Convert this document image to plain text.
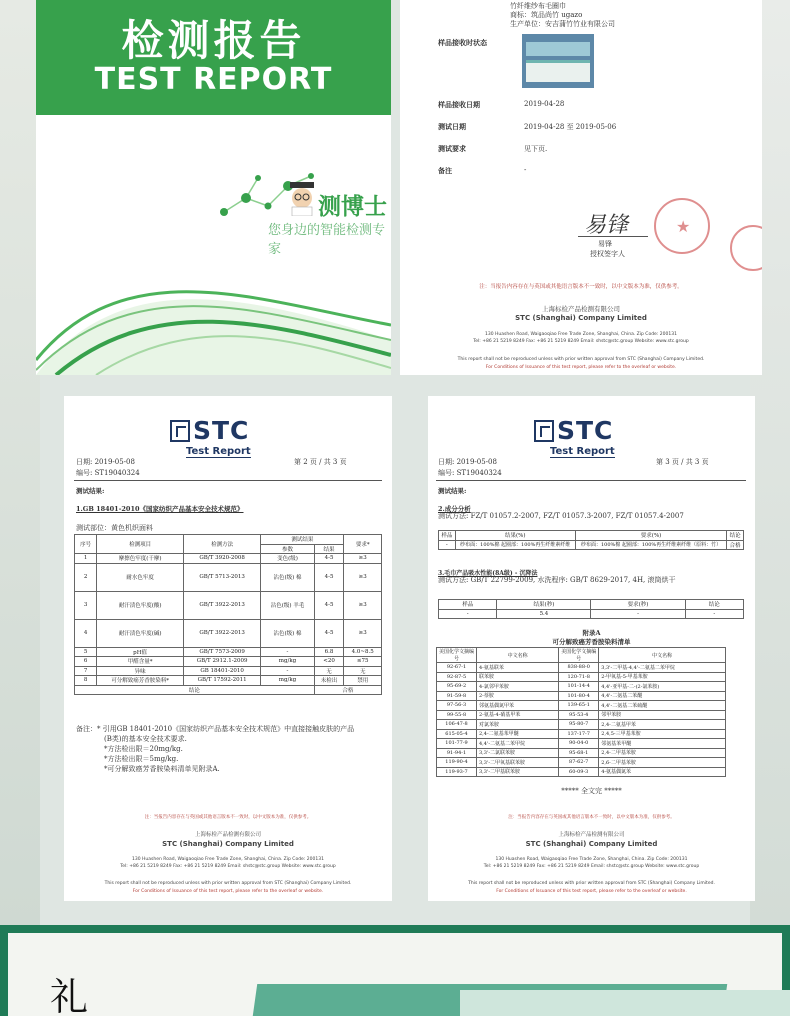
检测报告
TEST REPORT
测博士
您身边的智能检测专家
竹纤维纱布毛圈巾
商标：筑品尚竹 ugazo
生产单位：安吉蒲竹竹业有限公司
样品接收时状态
样品接收日期	2019-04-28
测试日期	2019-04-28 至 2019-05-06
测试要求	见下页.
备注	-
易锋
易锋
授权签字人
★
注：当报告内容存在与英国或其他语言版本不一致时，以中文版本为准，仅供参考。
上海标检产品检测有限公司
STC (Shanghai) Company Limited
130 Huashen Road, Waigaoqiao Free Trade Zone, Shanghai, China. Zip Code: 200131
Tel: +86 21 5219 8249 Fax: +86 21 5219 8249 Email: shstc@stc.group Website: www.stc.group
This report shall not be reproduced unless with prior written approval from STC (Shanghai) Company Limited.
For Conditions of Issuance of this test report, please refer to the overleaf or website.
STC
Test Report
日期: 2019-05-08	第 2 页 / 共 3 页
编号: ST19040324
测试结果:
1.GB 18401-2010《国家纺织产品基本安全技术规范》
测试部位：黄色机织面料
序号	检测项目	检测方法	测试结果		要求*
			参数	结果	
1	摩擦色牢度(干摩)	GB/T 3920-2008	变色(级)	4-5	≥3
2	耐水色牢度	GB/T 5713-2013	沾色(级) 棉	4-5	≥3
3	耐汗渍色牢度(酸)	GB/T 3922-2013	沾色(级) 羊毛	4-5	≥3
4	耐汗渍色牢度(碱)	GB/T 3922-2013	沾色(级) 棉	4-5	≥3
5	pH值	GB/T 7573-2009	-	6.8	4.0~8.5
6	甲醛含量*	GB/T 2912.1-2009	mg/kg	<20	≤75
7	异味	GB 18401-2010	-	无	无
8	可分解致癌芳香胺染料*	GB/T 17592-2011	mg/kg	未检出	禁用
结论				合格	
备注：* 引用GB 18401-2010《国家纺织产品基本安全技术规范》中直接接触皮肤的产品
(B类)的基本安全技术要求.
*方法检出限＝20mg/kg.
*方法检出限＝5mg/kg.
*可分解致癌芳香胺染料清单见附录A.
注：当报告内容存在与英国或其他语言版本不一致时，以中文版本为准，仅供参考。
上海标检产品检测有限公司
STC (Shanghai) Company Limited
130 Huashen Road, Waigaoqiao Free Trade Zone, Shanghai, China. Zip Code: 200131
Tel: +86 21 5219 8249 Fax: +86 21 5219 8249 Email: shstc@stc.group Website: www.stc.group
This report shall not be reproduced unless with prior written approval from STC (Shanghai) Company Limited.
For Conditions of Issuance of this test report, please refer to the overleaf or website.
STC
Test Report
日期: 2019-05-08	第 3 页 / 共 3 页
编号: ST19040324
测试结果:
2.成分分析
测试方法: FZ/T 01057.2-2007, FZ/T 01057.3-2007, FZ/T 01057.4-2007
样品	结果(%)	要求(%)	结论
-	纱布面：100%棉 起圈部：100%再生纤维素纤维	纱布面：100%棉 起圈部：100%再生纤维素纤维（原料：竹）	合格
3.毛巾产品吸水性能(8A级) - 沉降法
测试方法: GB/T 22799-2009, 水洗程序: GB/T 8629-2017, 4H, 滚筒烘干
样品	结果(秒)	要求(秒)	结论
-	5.4	-	-
附录A
可分解致癌芳香胺染料清单
美国化学文摘编号	中文名称	美国化学文摘编号	中文名称
92-67-1	4-氨基联苯	838-88-0	3,3'-二甲基-4,4'-二氨基二苯甲烷
92-87-5	联苯胺	120-71-8	2-甲氧基-5-甲基苯胺
95-69-2	4-氯邻甲苯胺	101-14-4	4,4'-亚甲基-二-(2-氯苯胺)
91-59-8	2-萘胺	101-80-4	4,4'-二氨基二苯醚
97-56-3	邻氨基偶氮甲苯	139-65-1	4,4'-二氨基二苯硫醚
99-55-8	2-氨基-4-硝基甲苯	95-53-4	邻甲苯胺
106-47-8	对氯苯胺	95-80-7	2,4-二氨基甲苯
615-05-4	2,4-二氨基苯甲醚	137-17-7	2,4,5-三甲基苯胺
101-77-9	4,4'-二氨基二苯甲烷	90-04-0	邻氨基苯甲醚
91-94-1	3,3'-二氯联苯胺	95-68-1	2,4-二甲基苯胺
119-90-4	3,3'-二甲氧基联苯胺	87-62-7	2,6-二甲基苯胺
119-93-7	3,3'-二甲基联苯胺	60-09-3	4-氨基偶氮苯
***** 全文完 *****
注：当报告内容存在与英国或其他语言版本不一致时，以中文版本为准，仅供参考。
上海标检产品检测有限公司
STC (Shanghai) Company Limited
130 Huashen Road, Waigaoqiao Free Trade Zone, Shanghai, China. Zip Code: 200131
Tel: +86 21 5219 8249 Fax: +86 21 5219 8249 Email: shstc@stc.group Website: www.stc.group
This report shall not be reproduced unless with prior written approval from STC (Shanghai) Company Limited.
For Conditions of Issuance of this test report, please refer to the overleaf or website.
礼
